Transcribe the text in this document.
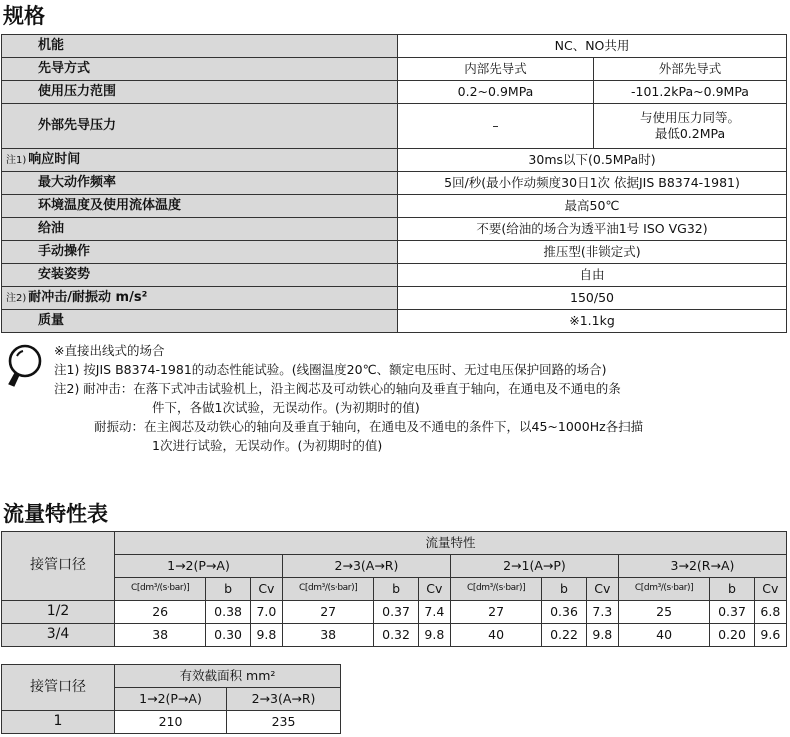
规格
机能	NC、NO共用	
先导方式	内部先导式	外部先导式
使用压力范围	0.2~0.9MPa	-101.2kPa~0.9MPa
外部先导压力	–	与使用压力同等。
最低0.2MPa

注1) 响应时间	30ms以下(0.5MPa时)	
最大动作频率	5回/秒(最小作动频度30日1次 依据JIS B8374-1981)	
环境温度及使用流体温度	最高50℃	
给油	不要(给油的场合为透平油1号 ISO VG32)	
手动操作	推压型(非锁定式)	
安装姿势	自由	
注2) 耐冲击/耐振动 m/s²	150/50	
质量	※1.1kg	

※直接出线式的场合

注1) 按JIS B8374-1981的动态性能试验。(线圈温度20℃、额定电压时、无过电压保护回路的场合)

注2) 耐冲击：在落下式冲击试验机上，沿主阀芯及可动铁心的轴向及垂直于轴向，在通电及不通电的条

件下，各做1次试验，无误动作。(为初期时的值)

耐振动：在主阀芯及动铁心的轴向及垂直于轴向，在通电及不通电的条件下，以45~1000Hz各扫描

1次进行试验，无误动作。(为初期时的值)

流量特性表
接管口径	流量特性											
	1→2(P→A)			2→3(A→R)			2→1(A→P)			3→2(R→A)		
	C[dm³/(s·bar)]	b	Cv	C[dm³/(s·bar)]	b	Cv	C[dm³/(s·bar)]	b	Cv	C[dm³/(s·bar)]	b	Cv
1/2	26	0.38	7.0	27	0.37	7.4	27	0.36	7.3	25	0.37	6.8
3/4	38	0.30	9.8	38	0.32	9.8	40	0.22	9.8	40	0.20	9.6
接管口径	有效截面积 mm²	
	1→2(P→A)	2→3(A→R)
1	210	235
